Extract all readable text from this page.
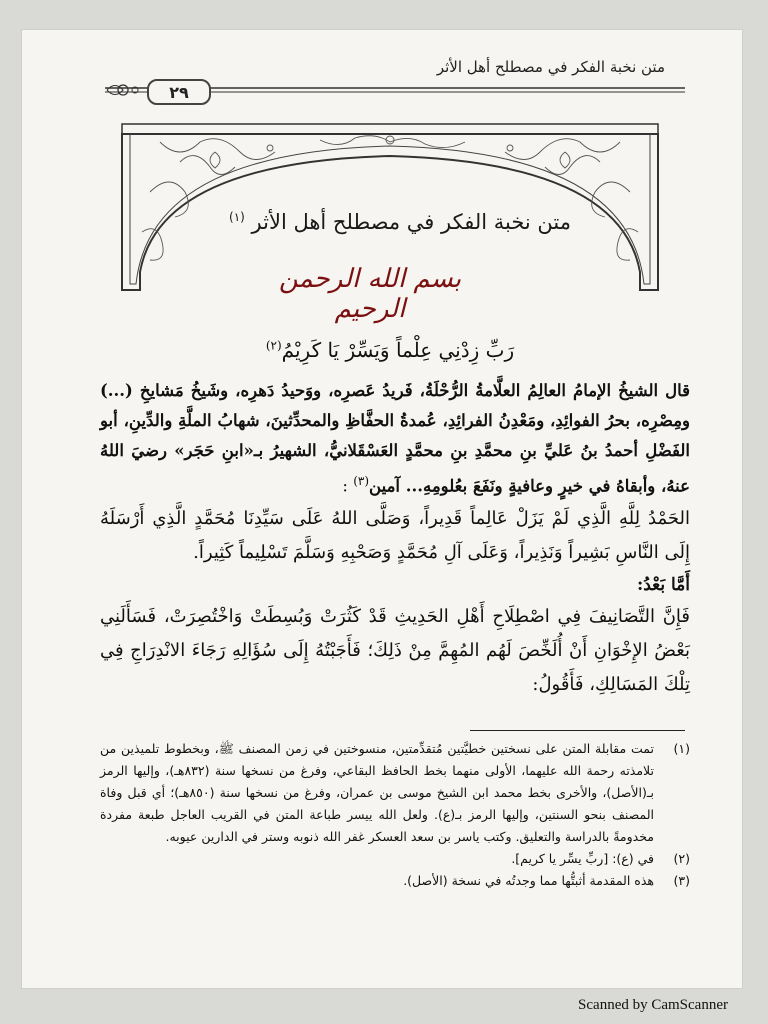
متن نخبة الفكر في مصطلح أهل الأثر
٢٩
متن نخبة الفكر في مصطلح أهل الأثر $^{(١)}$
بسم الله الرحمن الرحيم
رَبِّ زِدْنِي عِلْماً وَيَسِّرْ يَا كَرِيْمُ$^{(٢)}$

قال الشيخُ الإمامُ العالِمُ العلَّامةُ الرُّحْلَةُ، فَريدُ عَصرِه، ووَحيدُ دَهرِه، وشَيخُ مَشايخِ (...) ومِصْرِه، بحرُ الفوائِدِ، ومَعْدِنُ الفرائِدِ، عُمدةُ الحفَّاظِ والمحدِّثينَ، شهابُ الملَّةِ والدِّينِ، أبو الفَضْلِ أحمدُ بنُ عَليِّ بنِ محمَّدِ بنِ محمَّدٍ العَسْقَلانيُّ، الشهيرُ بـ«ابنِ حَجَر» رضيَ اللهُ عنهُ، وأبقاهُ في خيرٍ وعافيةٍ ونَفَعَ بعُلومِهِ... آمين$^{(٣)}$ :

الحَمْدُ لِلَّهِ الَّذِي لَمْ يَزَلْ عَالِماً قَدِيراً، وَصَلَّى اللهُ عَلَى سَيِّدِنَا مُحَمَّدٍ الَّذِي أَرْسَلَهُ إِلَى النَّاسِ بَشِيراً وَنَذِيراً، وَعَلَى آلِ مُحَمَّدٍ وَصَحْبِهِ وَسَلَّمَ تَسْلِيماً كَثِيراً.

أَمَّا بَعْدُ:

فَإِنَّ التَّصَانِيفَ فِي اصْطِلَاحِ أَهْلِ الحَدِيثِ قَدْ كَثُرَتْ وَبُسِطَتْ وَاخْتُصِرَتْ، فَسَأَلَنِي بَعْضُ الإِخْوَانِ أَنْ أُلَخِّصَ لَهُم المُهِمَّ مِنْ ذَلِكَ؛ فَأَجَبْتُهُ إِلَى سُؤَالِهِ رَجَاءَ الانْدِرَاجِ فِي تِلْكَ المَسَالِكِ، فَأَقُولُ:

(١)
تمت مقابلة المتن على نسختين خطيَّتين مُتقدِّمتين، منسوختين في زمن المصنف ﷺ، وبخطوط تلميذين من تلامذته رحمة الله عليهما، الأولى منهما بخط الحافظ البقاعي، وفرغ من نسخها سنة (٨٣٢هـ)، وإليها الرمز بـ(الأصل)، والأخرى بخط محمد ابن الشيخ موسى بن عمران، وفرغ من نسخها سنة (٨٥٠هـ)؛ أي قبل وفاة المصنف بنحو السنتين، وإليها الرمز بـ(ع). ولعل الله ييسر طباعة المتن في القريب العاجل طبعة مفردة مخدومةً بالدراسة والتعليق. وكتب ياسر بن سعد العسكر غفر الله ذنوبه وستر في الدارين عيوبه.

(٢)
في (ع): [ربِّ يسِّر يا كريم].

(٣)
هذه المقدمة أثبتُّها مما وجدتُه في نسخة (الأصل).

Scanned by CamScanner
